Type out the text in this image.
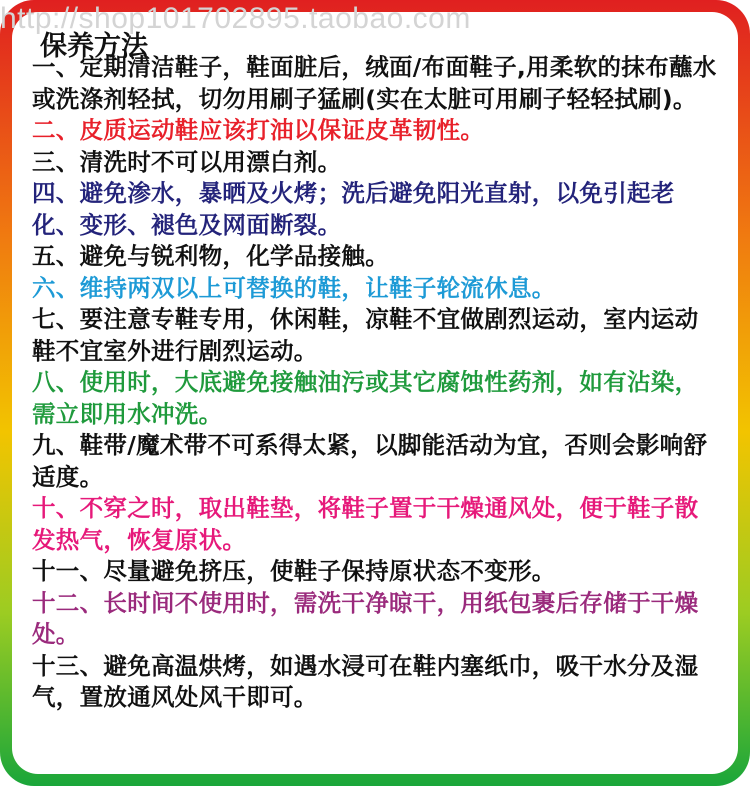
http://shop101702895.taobao.com
保养方法
一、定期清洁鞋子，鞋面脏后，绒面/布面鞋子,用柔软的抹布蘸水或洗涤剂轻拭，切勿用刷子猛刷(实在太脏可用刷子轻轻拭刷)。
二、皮质运动鞋应该打油以保证皮革韧性。
三、清洗时不可以用漂白剂。
四、避免渗水，暴晒及火烤；洗后避免阳光直射，以免引起老化、变形、褪色及网面断裂。
五、避免与锐利物，化学品接触。
六、维持两双以上可替换的鞋，让鞋子轮流休息。
七、要注意专鞋专用，休闲鞋，凉鞋不宜做剧烈运动，室内运动鞋不宜室外进行剧烈运动。
八、使用时，大底避免接触油污或其它腐蚀性药剂，如有沾染，需立即用水冲洗。
九、鞋带/魔术带不可系得太紧，以脚能活动为宜，否则会影响舒适度。
十、不穿之时，取出鞋垫，将鞋子置于干燥通风处，便于鞋子散发热气，恢复原状。
十一、尽量避免挤压，使鞋子保持原状态不变形。
十二、长时间不使用时，需洗干净晾干，用纸包裹后存储于干燥处。
十三、避免高温烘烤，如遇水浸可在鞋内塞纸巾，吸干水分及湿气，置放通风处风干即可。
